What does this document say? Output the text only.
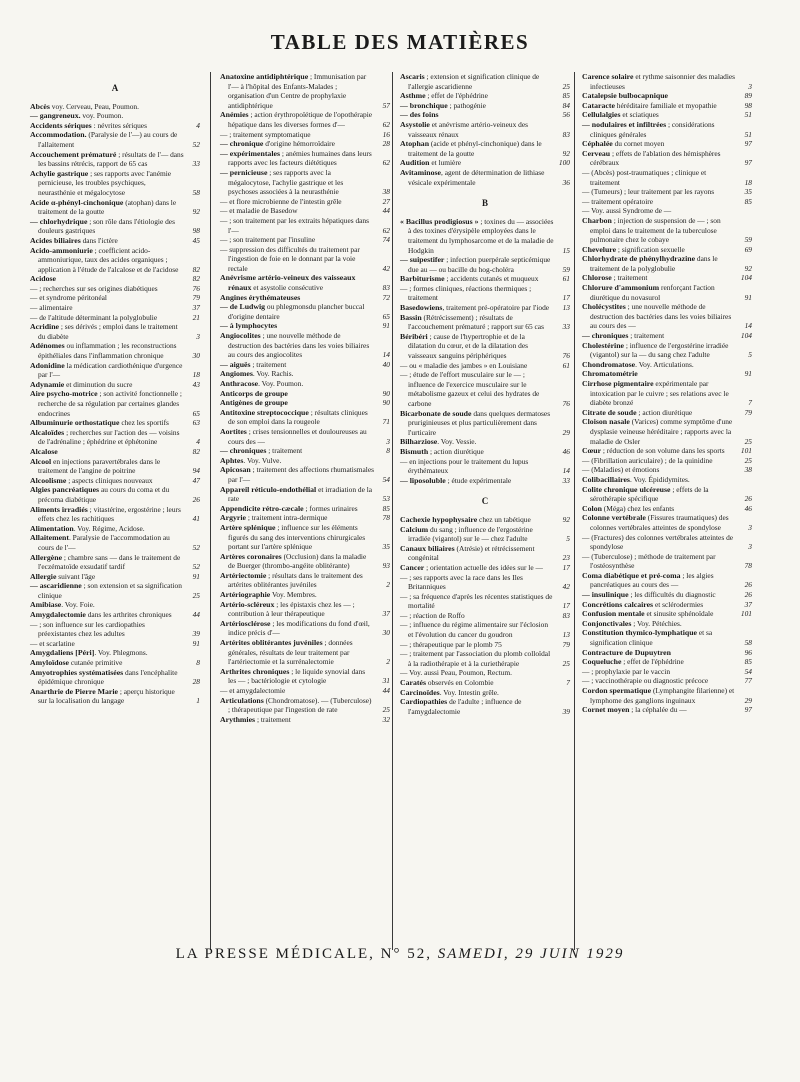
TABLE DES MATIÈRES
A

Abcès voy. Cerveau, Peau, Poumon.

— gangreneux. voy. Poumon.

Accidents sériques : névrites sériques	4

Accommodation. (Paralysie de l'—) au cours de l'allaitement	52

Accouchement prématuré ; résultats de l'— dans les bassins rétrécis, rapport de 65 cas	33

Achylie gastrique ; ses rapports avec l'anémie pernicieuse, les troubles psychiques, neurasthénie et mégalocytose	58

Acide α-phényl-cinchonique (atophan) dans le traitement de la goutte	92

— chlorhydrique ; son rôle dans l'étiologie des douleurs gastriques	98

Acides biliaires dans l'ictère	45

Acido-ammoniurie ; coefficient acido-ammoniurique, taux des acides organiques ; application à l'étude de l'alcalose et de l'acidose 82

Acidose	82

— ; recherches sur ses origines diabétiques	76

— et syndrome péritonéal	79

— alimentaire	37

— de l'altitude déterminant la polyglobulie	21

Acridine ; ses dérivés ; emploi dans le traitement du diabète	3

Adénomes ou inflammation ; les reconstructions épithéliales dans l'inflammation chronique	30

Adonidine la médication cardiothénique d'urgence par l'—	18

Adynamie et diminution du sucre	43

Aire psycho-motrice ; son activité fonctionnelle ; recherche de sa régulation par certaines glandes endocrines	65

Albuminurie orthostatique chez les sportifs	63

Alcaloïdes ; recherches sur l'action des — voisins de l'adrénaline ; éphédrine et éphétonine	4

Alcalose	82

Alcool en injections paravertébrales dans le traitement de l'angine de poitrine	94

Alcoolisme ; aspects cliniques nouveaux	47

Algies pancréatiques au cours du coma et du précoma diabétique	26

Aliments irradiés ; vitastérine, ergostérine ; leurs effets chez les rachitiques	41

Alimentation. Voy. Régime, Acidose.

Allaitement. Paralysie de l'accommodation au cours de l'—	52

Allergène ; chambre sans — dans le traitement de l'eczématoïde exsudatif tardif	52

Allergie suivant l'âge	91

— ascaridienne ; son extension et sa signification clinique	25

Amibiase. Voy. Foie.

Amygdalectomie dans les arthrites chroniques	44

— ; son influence sur les cardiopathies préexistantes chez les adultes	39

— et scarlatine	91

Amygdaliens [Péri]. Voy. Phlegmons.

Amyloïdose cutanée primitive	8

Amyotrophies systématisées dans l'encéphalite épidémique chronique	28

Anarthrie de Pierre Marie ; aperçu historique sur la localisation du langage	1

Anatoxine antidiphtérique ; Immunisation par l'— à l'hôpital des Enfants-Malades ; organisation d'un Centre de prophylaxie antidiphtérique	57

Anémies ; action érythropoïétique de l'opothérapie hépatique dans les diverses formes d'—	62

— ; traitement symptomatique	16

— chronique d'origine hémorroïdaire	28

— expérimentales ; anémies humaines dans leurs rapports avec les facteurs diététiques	62

— pernicieuse ; ses rapports avec la mégalocytose, l'achylie gastrique et les psychoses associées à la neurasthénie	38

— et flore microbienne de l'intestin grêle	27

— et maladie de Basedow	44

— ; son traitement par les extraits hépatiques dans l'—	62

— ; son traitement par l'insuline	74

— suppression des difficultés du traitement par l'ingestion de foie en le donnant par la voie rectale	42

Anévrisme artério-veineux des vaisseaux rénaux et asystolie consécutive	83

Angines érythémateuses	72

— de Ludwig ou phlegmonsdu plancher buccal d'origine dentaire	65

— à lymphocytes	91

Angiocolites ; une nouvelle méthode de destruction des bactéries dans les voies biliaires au cours des angiocolites	14

— aiguës ; traitement	40

Angiomes. Voy. Rachis.

Anthracose. Voy. Poumon.

Anticorps de groupe	90

Antigènes de groupe	90

Antitoxine streptococcique ; résultats cliniques de son emploi dans la rougeole	71

Aortites ; crises tensionnelles et douloureuses au cours des —	3

— chroniques ; traitement	8

Aphtes. Voy. Vulve.

Apicosan ; traitement des affections rhumatismales par l'—	54

Appareil réticulo-endothélial et irradiation de la rate	53

Appendicite rétro-cæcale ; formes urinaires	85

Argyrie ; traitement intra-dermique	78

Artère splénique ; influence sur les éléments figurés du sang des interventions chirurgicales portant sur l'artère splénique	35

Artères coronaires (Occlusion) dans la maladie de Buerger (thrombo-angéite oblitérante)	93

Artériectomie ; résultats dans le traitement des artérites oblitérantes juvéniles	2

Artériographie Voy. Membres.

Artério-scléreux ; les épistaxis chez les — ; contribution à leur thérapeutique	37

Artériosclérose ; les modifications du fond d'œil, indice précis d'—	30

Artérites oblitérantes juvéniles ; données générales, résultats de leur traitement par l'artériectomie et la surrénalectomie	2

Arthrites chroniques ; le liquide synovial dans les — ; bactériologie et cytologie	31

— et amygdalectomie	44

Articulations (Chondromatose). — (Tuberculose) ; thérapeutique par l'ingestion de rate	25

Arythmies ; traitement	32

Ascaris ; extension et signification clinique de l'allergie ascaridienne	25

Asthme ; effet de l'éphédrine	85

— bronchique ; pathogénie	84

— des foins	56

Asystolie et anévrisme artério-veineux des vaisseaux rénaux	83

Atophan (acide et phényl-cinchonique) dans le traitement de la goutte	92

Audition et lumière	100

Avitaminose, agent de détermination de lithiase vésicale expérimentale	36

B

« Bacillus prodigiosus » ; toxines du — associées à des toxines d'érysipèle employées dans le traitement du lymphosarcome et de la maladie de Hodgkin	15

— suipestifer ; infection puerpérale septicémique due au — ou bacille du hog-choléra	59

Barbiturisme ; accidents cutanés et muqueux	61

— ; formes cliniques, réactions thermiques ; traitement	17

Basedowiens, traitement pré-opératoire par l'iode 13

Bassin (Rétrécissement) ; résultats de l'accouchement prématuré ; rapport sur 65 cas	33

Béribéri ; cause de l'hypertrophie et de la dilatation du cœur, et de la dilatation des vaisseaux sanguins périphériques	76

— ou « maladie des jambes » en Louisiane	61

— ; étude de l'effort musculaire sur le — ; influence de l'exercice musculaire sur le métabolisme gazeux et celui des hydrates de carbone	76

Bicarbonate de soude dans quelques dermatoses pruriginieuses et plus particulièrement dans l'urticaire	29

Bilharziose. Voy. Vessie.

Bismuth ; action diurétique	46

— en injections pour le traitement du lupus érythémateux	14

— liposoluble ; étude expérimentale	33

C

Cachexie hypophysaire chez un tabétique	92

Calcium du sang ; influence de l'ergostérine irradiée (vigantol) sur le — chez l'adulte	5

Canaux biliaires (Atrésie) et rétrécissement congénital	23

Cancer ; orientation actuelle des idées sur le —	17

— ; ses rapports avec la race dans les Iles Britanniques	42

— ; sa fréquence d'après les récentes statistiques de mortalité	17

— ; réaction de Roffo	83

— ; influence du régime alimentaire sur l'éclosion et l'évolution du cancer du goudron	13

— ; thérapeutique par le plomb 75	79

— ; traitement par l'association du plomb colloïdal à la radiothérapie et à la curiethérapie	25

— Voy. aussi Peau, Poumon, Rectum.

Caratés observés en Colombie	7

Carcinoïdes. Voy. Intestin grêle.

Cardiopathies de l'adulte ; influence de l'amygdalectomie	39

Carence solaire et rythme saisonnier des maladies infectieuses	3

Catalepsie bulbocapnique	89

Cataracte héréditaire familiale et myopathie	98

Cellulalgies et sciatiques	51

— nodulaires et infiltrées ; considérations cliniques générales	51

Céphalée du cornet moyen	97

Cerveau ; effets de l'ablation des hémisphères cérébraux	97

— (Abcès) post-traumatiques ; clinique et traitement	18

— (Tumeurs) ; leur traitement par les rayons	35

— traitement opératoire	85

— Voy. aussi Syndrome de —

Charbon ; injection de suspension de — ; son emploi dans le traitement de la tuberculose pulmonaire chez le cobaye	59

Chevelure ; signification sexuelle	69

Chlorhydrate de phénylhydrazine dans le traitement de la polyglobulie	92

Chlorose ; traitement	104

Chlorure d'ammonium renforçant l'action diurétique du novasurol	91

Cholécystites ; une nouvelle méthode de destruction des bactéries dans les voies biliaires au cours des —	14

— chroniques ; traitement	104

Cholestérine ; influence de l'ergostérine irradiée (vigantol) sur la — du sang chez l'adulte	5

Chondromatose. Voy. Articulations.

Chromatométrie	91

Cirrhose pigmentaire expérimentale par intoxication par le cuivre ; ses relations avec le diabète bronzé	7

Citrate de soude ; action diurétique	79

Cloison nasale (Varices) comme symptôme d'une dysplasie veineuse héréditaire ; rapports avec la maladie de Osler	25

Cœur ; réduction de son volume dans les sports 101

— (Fibrillation auriculaire) ; de la quinidine	25

— (Maladies) et émotions	38

Colibacillaires. Voy. Épididymites.

Colite chronique ulcéreuse ; effets de la sérothérapie spécifique	26

Colon (Méga) chez les enfants	46

Colonne vertébrale (Fissures traumatiques) des colonnes vertébrales atteintes de spondylose	3

— (Fractures) des colonnes vertébrales atteintes de spondylose	3

— (Tuberculose) ; méthode de traitement par l'ostéosynthèse	78

Coma diabétique et pré-coma ; les algies pancréatiques au cours des —	26

— insulinique ; les difficultés du diagnostic	26

Concrétions calcaires et sclérodermies	37

Confusion mentale et sinusite sphénoïdale	101

Conjonctivales ; Voy. Pétéchies.

Constitution thymico-lymphatique et sa signification clinique	58

Contracture de Dupuytren	96

Coqueluche ; effet de l'éphédrine	85

— ; prophylaxie par le vaccin	54

— ; vaccinothérapie ou diagnostic précoce	77

Cordon spermatique (Lymphangite filarienne) et lymphome des ganglions inguinaux	29

Cornet moyen ; la céphalée du —	97

LA PRESSE MÉDICALE, N° 52, SAMEDI, 29 JUIN 1929
